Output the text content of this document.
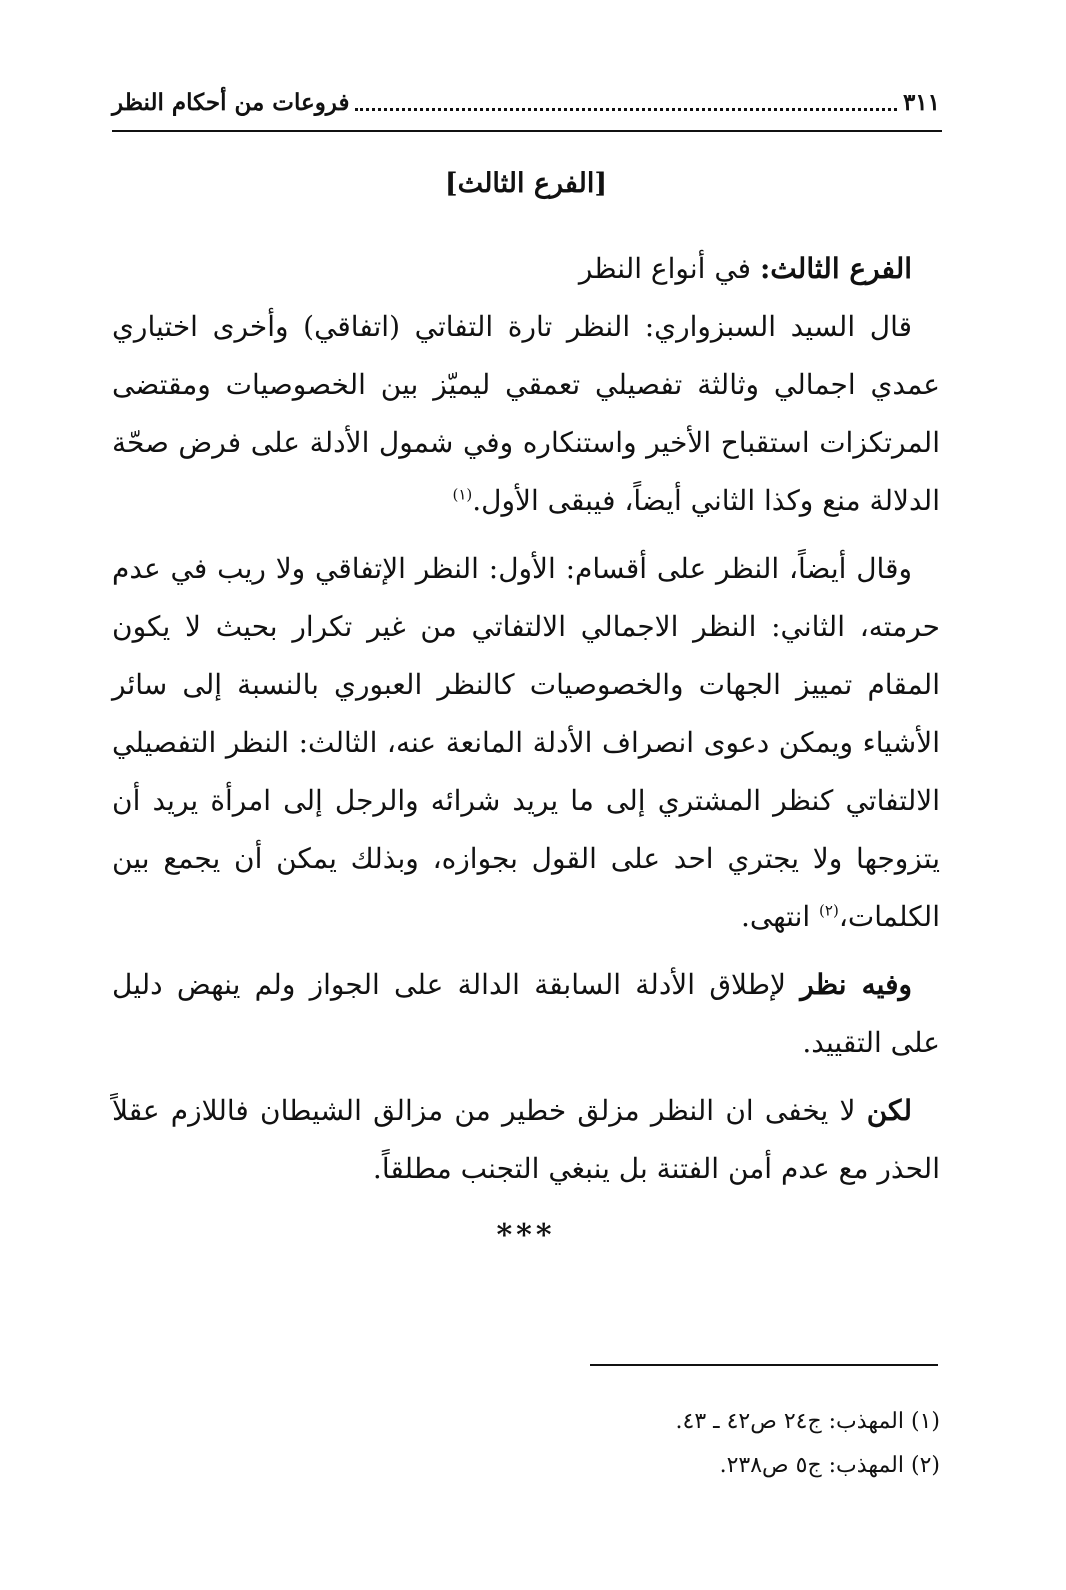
٣١١
فروعات من أحكام النظر
[الفرع الثالث]

الفرع الثالث: في أنواع النظر

قال السيد السبزواري: النظر تارة التفاتي (اتفاقي) وأخرى اختياري عمدي اجمالي وثالثة تفصيلي تعمقي ليميّز بين الخصوصيات ومقتضى المرتكزات استقباح الأخير واستنكاره وفي شمول الأدلة على فرض صحّة الدلالة منع وكذا الثاني أيضاً، فيبقى الأول.$^{(١)}$

وقال أيضاً، النظر على أقسام: الأول: النظر الإتفاقي ولا ريب في عدم حرمته، الثاني: النظر الاجمالي الالتفاتي من غير تكرار بحيث لا يكون المقام تمييز الجهات والخصوصيات كالنظر العبوري بالنسبة إلى سائر الأشياء ويمكن دعوى انصراف الأدلة المانعة عنه، الثالث: النظر التفصيلي الالتفاتي كنظر المشتري إلى ما يريد شرائه والرجل إلى امرأة يريد أن يتزوجها ولا يجتري احد على القول بجوازه، وبذلك يمكن أن يجمع بين الكلمات،$^{(٢)}$ انتهى.

وفيه نظر لإطلاق الأدلة السابقة الدالة على الجواز ولم ينهض دليل على التقييد.

لكن لا يخفى ان النظر مزلق خطير من مزالق الشيطان فاللازم عقلاً الحذر مع عدم أمن الفتنة بل ينبغي التجنب مطلقاً.

***
(١) المهذب: ج٢٤ ص٤٢ ـ ٤٣.
(٢) المهذب: ج٥ ص٢٣٨.
